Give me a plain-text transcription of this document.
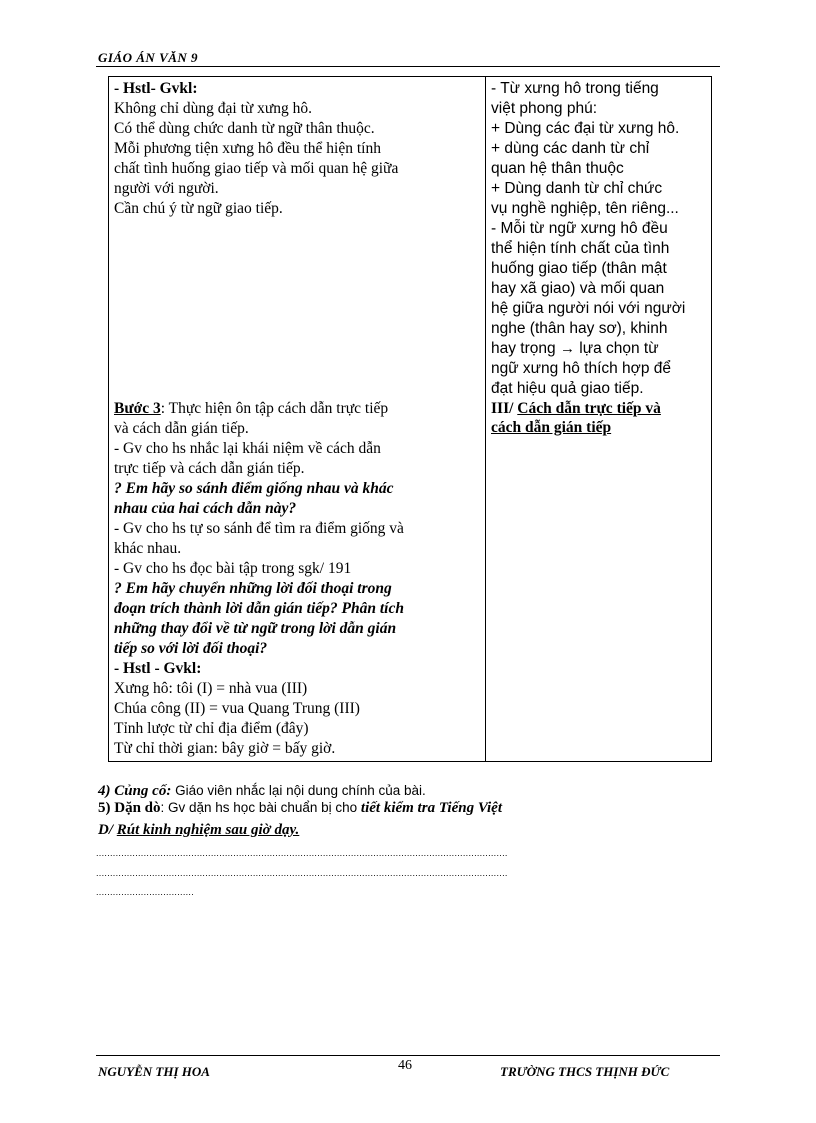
GIÁO ÁN VĂN 9
- Hstl- Gvkl:
Không chỉ dùng đại từ xưng hô.
Có thể dùng chức danh từ ngữ thân thuộc.
Mỗi phương tiện xưng hô đều thể hiện tính
chất tình huống giao tiếp và mối quan hệ giữa
người với người.
Cần chú ý từ ngữ giao tiếp.
Bước 3: Thực hiện ôn tập cách dẫn trực tiếp
và cách dẫn gián tiếp.
- Gv cho hs nhắc lại khái niệm về cách dẫn
trực tiếp và cách dẫn gián tiếp.
? Em hãy so sánh điểm giống nhau và khác
nhau của hai cách dẫn này?
- Gv cho hs tự so sánh để tìm ra điểm giống và
khác nhau.
- Gv cho hs đọc bài tập trong sgk/ 191
? Em hãy chuyển những lời đối thoại trong
đoạn trích thành lời dẫn gián tiếp? Phân tích
những thay đổi về từ ngữ trong lời dẫn gián
tiếp so với lời đối thoại?
- Hstl - Gvkl:
Xưng hô: tôi (I) = nhà vua (III)
Chúa công (II) = vua Quang Trung (III)
Tỉnh lược từ chỉ địa điểm (đây)
Từ chỉ thời gian: bây giờ = bấy giờ.

- Từ xưng hô trong tiếng
việt phong phú:
+ Dùng các đại từ xưng hô.
+ dùng các danh từ chỉ
quan hệ thân thuộc
+ Dùng danh từ chỉ chức
vụ nghề nghiệp, tên riêng...
- Mỗi từ ngữ xưng hô đều
thể hiện tính chất của tình
huống giao tiếp (thân mật
hay xã giao) và mối quan
hệ giữa người nói với người
nghe (thân hay sơ), khinh
hay trọng → lựa chọn từ
ngữ xưng hô thích hợp để
đạt hiệu quả giao tiếp.
III/ Cách dẫn trực tiếp và
cách dẫn gián tiếp
4) Củng cố: Giáo viên nhắc lại nội dung chính của bài.
5) Dặn dò: Gv dặn hs học bài chuẩn bị cho tiết kiểm tra Tiếng Việt
D/ Rút kinh nghiệm sau giờ dạy.
...................................................................................................................................................
...................................................................................................................................................
...................................
NGUYỄN THỊ HOA	46	TRƯỜNG THCS THỊNH ĐỨC
